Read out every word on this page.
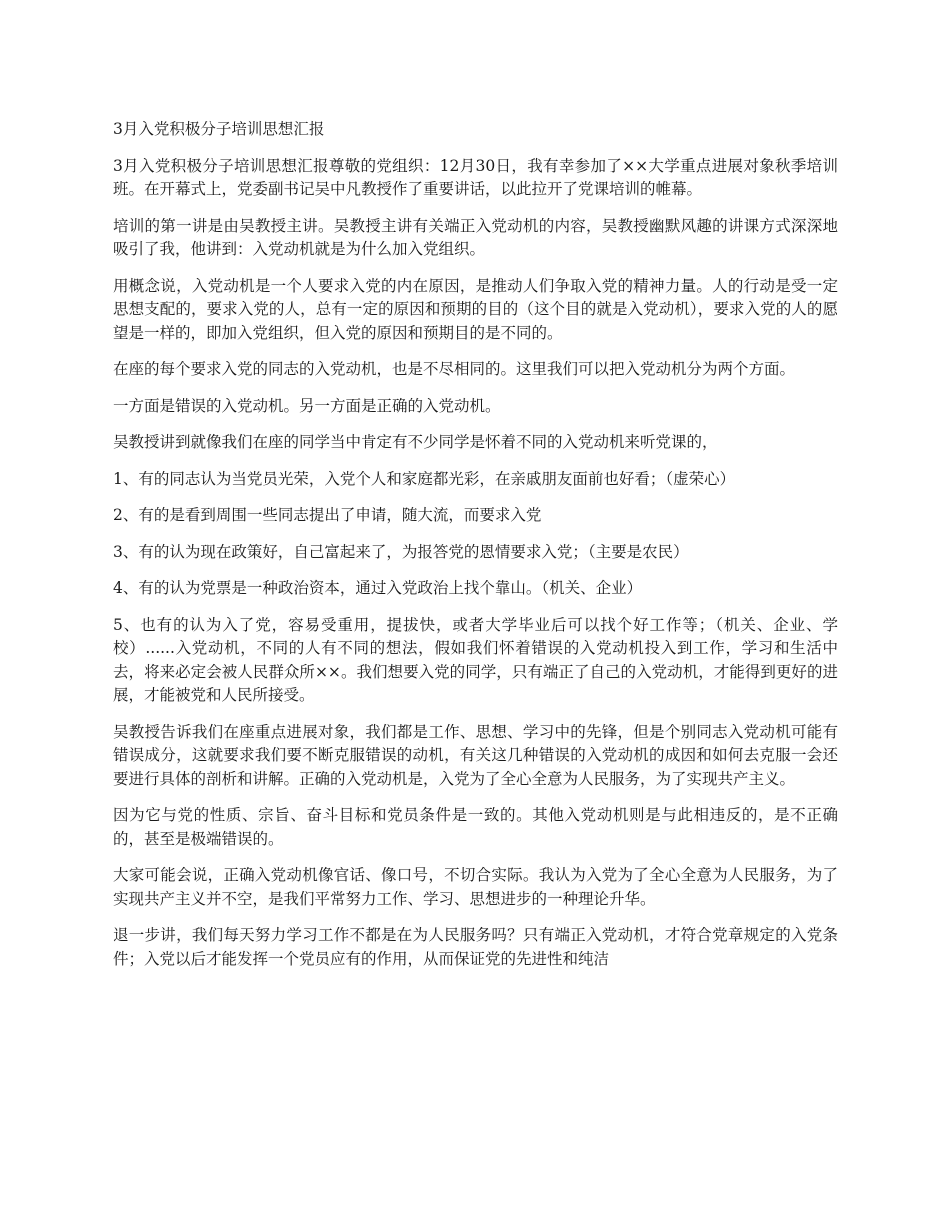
3月入党积极分子培训思想汇报

3月入党积极分子培训思想汇报尊敬的党组织：12月30日，我有幸参加了××大学重点进展对象秋季培训班。在开幕式上，党委副书记吴中凡教授作了重要讲话，以此拉开了党课培训的帷幕。

培训的第一讲是由吴教授主讲。吴教授主讲有关端正入党动机的内容，吴教授幽默风趣的讲课方式深深地吸引了我，他讲到：入党动机就是为什么加入党组织。

用概念说，入党动机是一个人要求入党的内在原因，是推动人们争取入党的精神力量。人的行动是受一定思想支配的，要求入党的人，总有一定的原因和预期的目的（这个目的就是入党动机），要求入党的人的愿望是一样的，即加入党组织，但入党的原因和预期目的是不同的。

在座的每个要求入党的同志的入党动机，也是不尽相同的。这里我们可以把入党动机分为两个方面。

一方面是错误的入党动机。另一方面是正确的入党动机。

吴教授讲到就像我们在座的同学当中肯定有不少同学是怀着不同的入党动机来听党课的，

1、有的同志认为当党员光荣，入党个人和家庭都光彩，在亲戚朋友面前也好看；（虚荣心）

2、有的是看到周围一些同志提出了申请，随大流，而要求入党

3、有的认为现在政策好，自己富起来了，为报答党的恩情要求入党；（主要是农民）

4、有的认为党票是一种政治资本，通过入党政治上找个靠山。（机关、企业）

5、也有的认为入了党，容易受重用，提拔快，或者大学毕业后可以找个好工作等；（机关、企业、学校）......入党动机，不同的人有不同的想法，假如我们怀着错误的入党动机投入到工作，学习和生活中去，将来必定会被人民群众所××。我们想要入党的同学，只有端正了自己的入党动机，才能得到更好的进展，才能被党和人民所接受。

吴教授告诉我们在座重点进展对象，我们都是工作、思想、学习中的先锋，但是个别同志入党动机可能有错误成分，这就要求我们要不断克服错误的动机，有关这几种错误的入党动机的成因和如何去克服一会还要进行具体的剖析和讲解。正确的入党动机是，入党为了全心全意为人民服务，为了实现共产主义。

因为它与党的性质、宗旨、奋斗目标和党员条件是一致的。其他入党动机则是与此相违反的，是不正确的，甚至是极端错误的。

大家可能会说，正确入党动机像官话、像口号，不切合实际。我认为入党为了全心全意为人民服务，为了实现共产主义并不空，是我们平常努力工作、学习、思想进步的一种理论升华。

退一步讲，我们每天努力学习工作不都是在为人民服务吗？只有端正入党动机，才符合党章规定的入党条件；入党以后才能发挥一个党员应有的作用，从而保证党的先进性和纯洁
